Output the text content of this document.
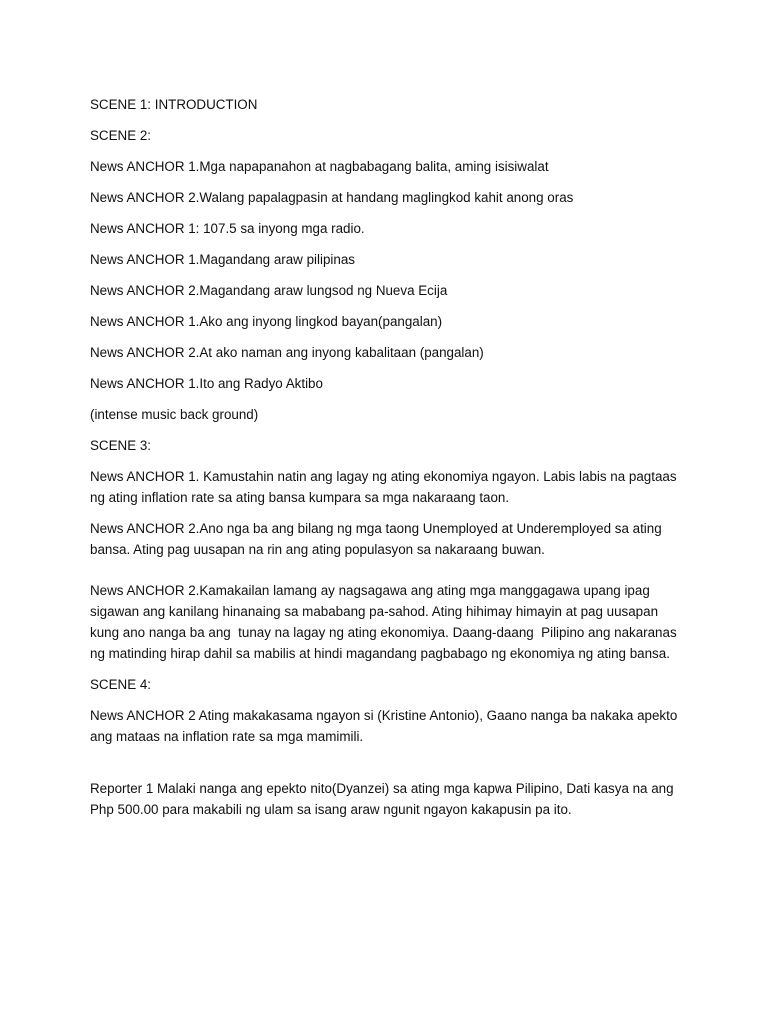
SCENE 1: INTRODUCTION

SCENE 2:

News ANCHOR 1.Mga napapanahon at nagbabagang balita, aming isisiwalat

News ANCHOR 2.Walang papalagpasin at handang maglingkod kahit anong oras

News ANCHOR 1: 107.5 sa inyong mga radio.

News ANCHOR 1.Magandang araw pilipinas

News ANCHOR 2.Magandang araw lungsod ng Nueva Ecija

News ANCHOR 1.Ako ang inyong lingkod bayan(pangalan)

News ANCHOR 2.At ako naman ang inyong kabalitaan (pangalan)

News ANCHOR 1.Ito ang Radyo Aktibo

(intense music back ground)

SCENE 3:

News ANCHOR 1. Kamustahin natin ang lagay ng ating ekonomiya ngayon. Labis labis na pagtaas ng ating inflation rate sa ating bansa kumpara sa mga nakaraang taon.

News ANCHOR 2.Ano nga ba ang bilang ng mga taong Unemployed at Underemployed sa ating bansa. Ating pag uusapan na rin ang ating populasyon sa nakaraang buwan.

News ANCHOR 2.Kamakailan lamang ay nagsagawa ang ating mga manggagawa upang ipag sigawan ang kanilang hinanaing sa mababang pa-sahod. Ating hihimay himayin at pag uusapan kung ano nanga ba ang  tunay na lagay ng ating ekonomiya. Daang-daang  Pilipino ang nakaranas ng matinding hirap dahil sa mabilis at hindi magandang pagbabago ng ekonomiya ng ating bansa.

SCENE 4:

News ANCHOR 2 Ating makakasama ngayon si (Kristine Antonio), Gaano nanga ba nakaka apekto ang mataas na inflation rate sa mga mamimili.

Reporter 1 Malaki nanga ang epekto nito(Dyanzei) sa ating mga kapwa Pilipino, Dati kasya na ang Php 500.00 para makabili ng ulam sa isang araw ngunit ngayon kakapusin pa ito.
